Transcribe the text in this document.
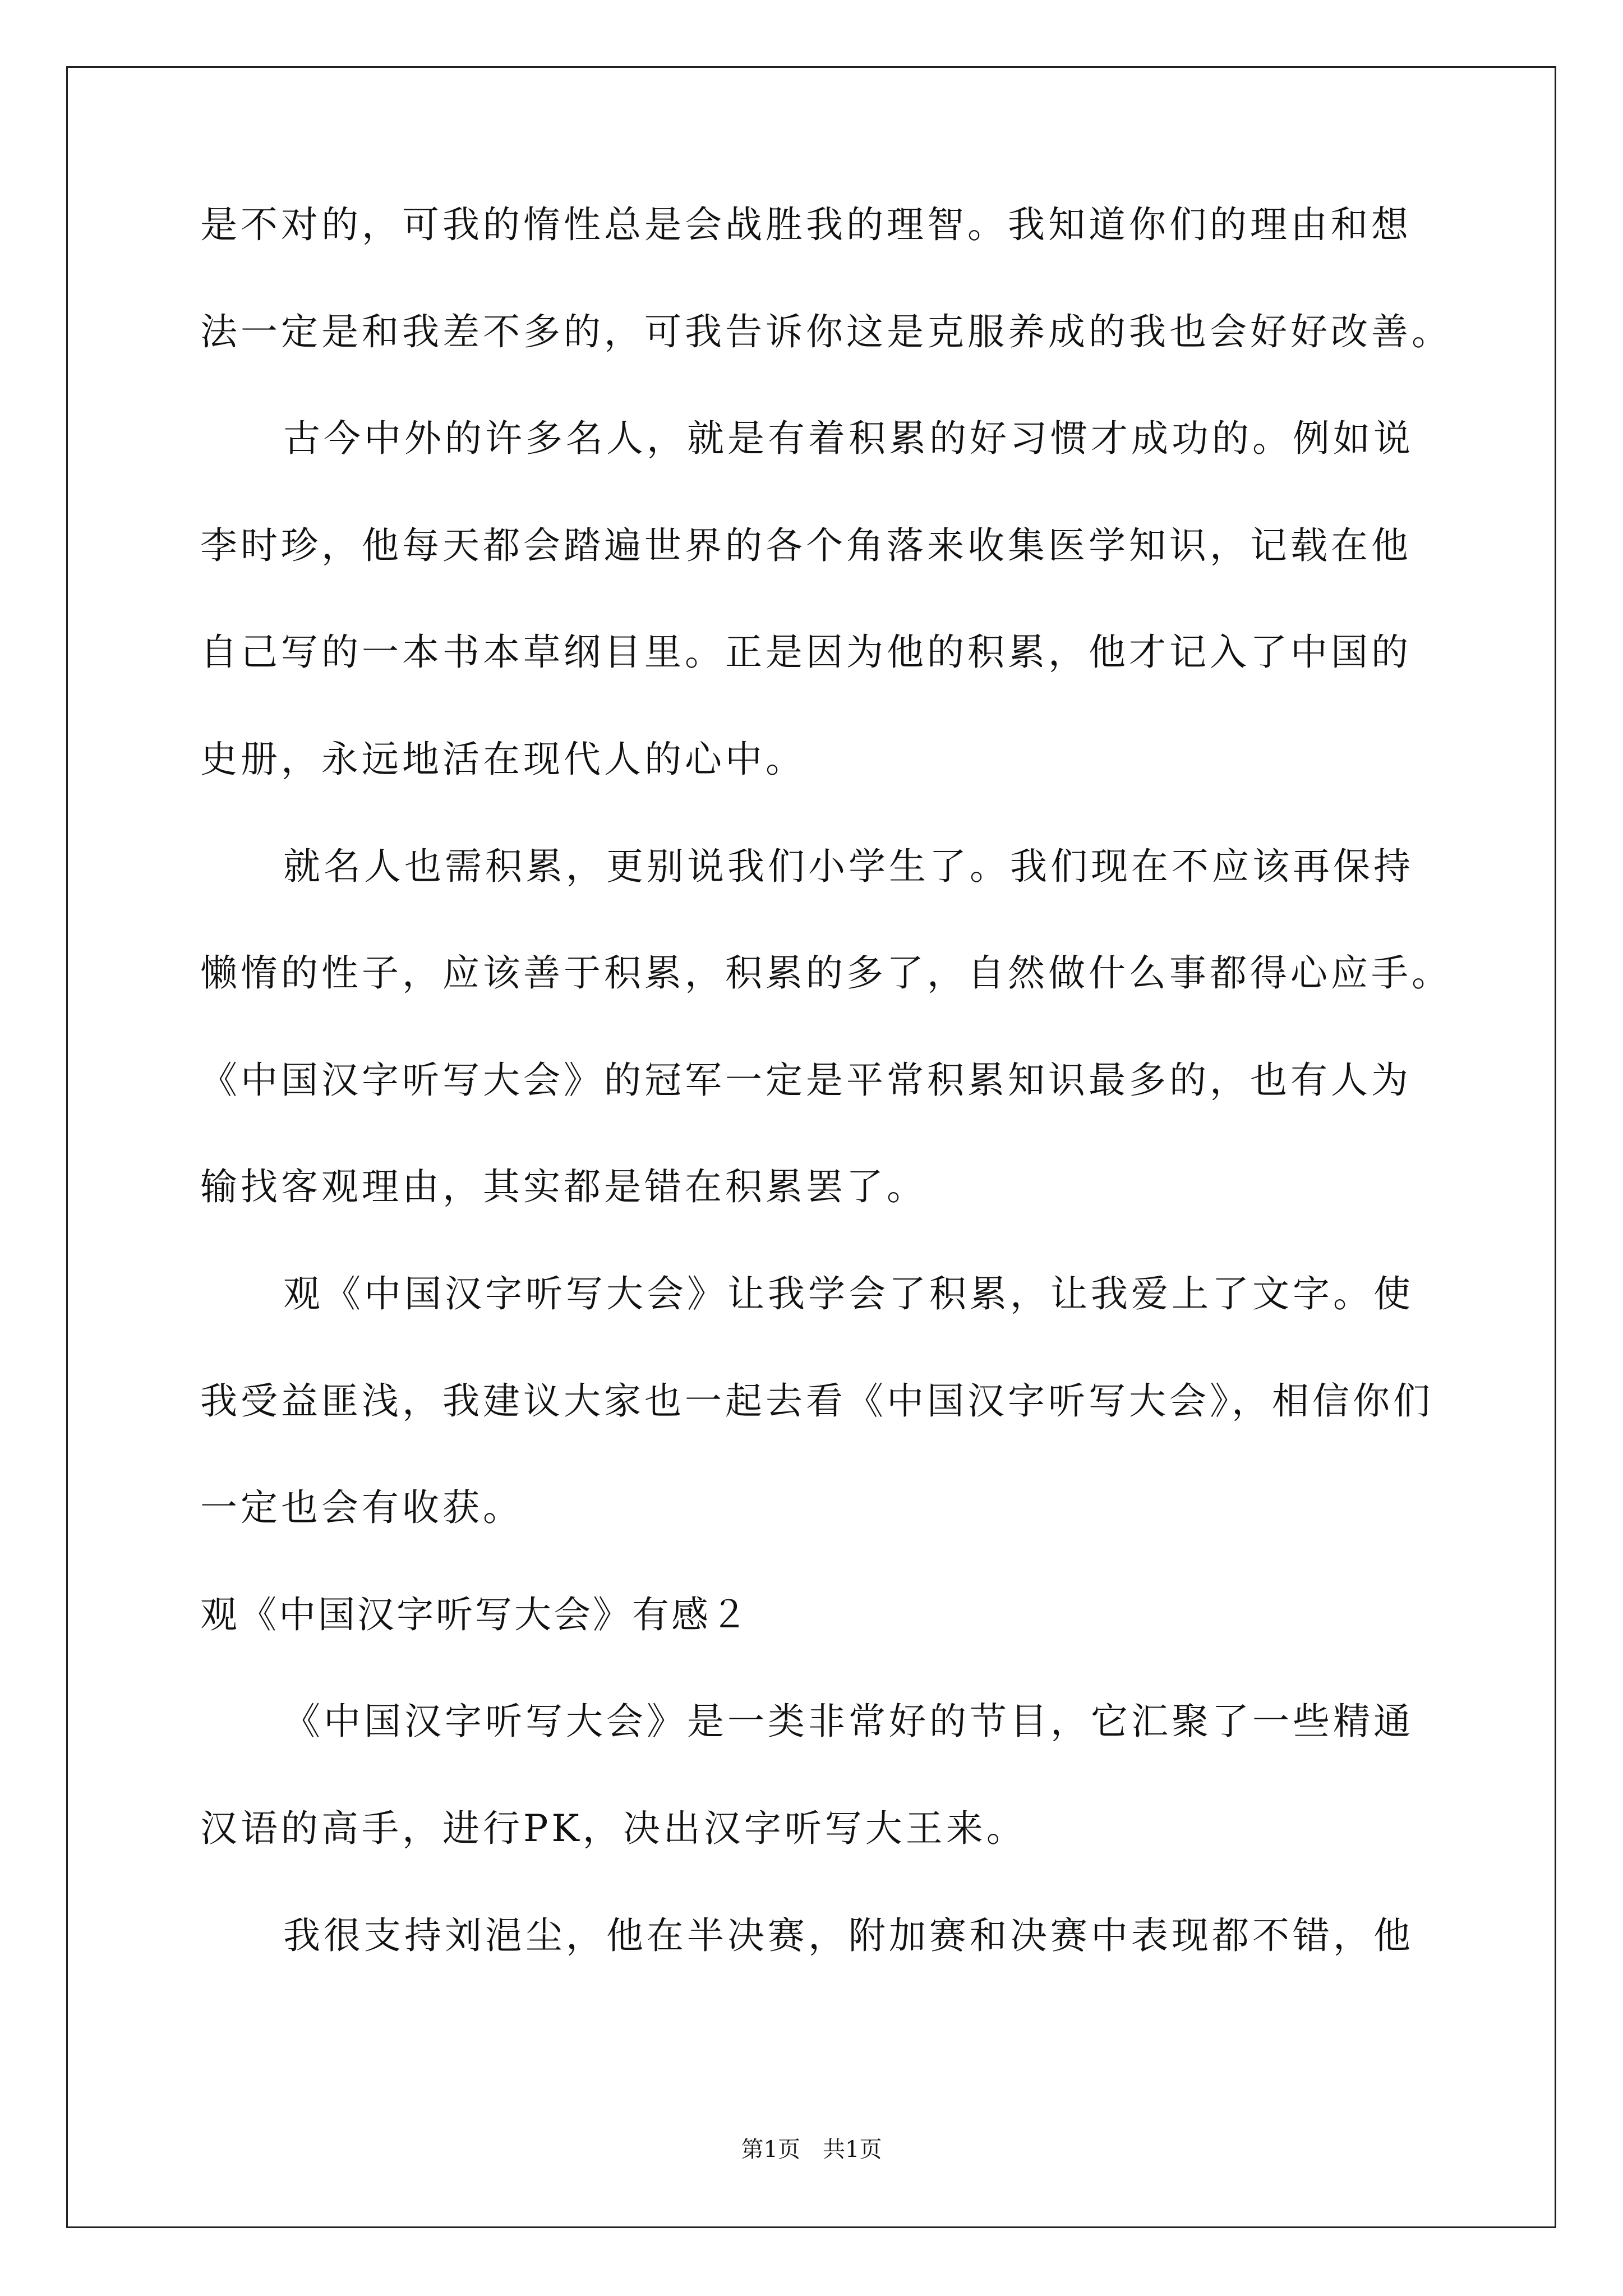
是不对的，可我的惰性总是会战胜我的理智。我知道你们的理由和想

法一定是和我差不多的，可我告诉你这是克服养成的我也会好好改善。

古今中外的许多名人，就是有着积累的好习惯才成功的。例如说

李时珍，他每天都会踏遍世界的各个角落来收集医学知识，记载在他

自己写的一本书本草纲目里。正是因为他的积累，他才记入了中国的

史册，永远地活在现代人的心中。

就名人也需积累，更别说我们小学生了。我们现在不应该再保持

懒惰的性子，应该善于积累，积累的多了，自然做什么事都得心应手。

《中国汉字听写大会》的冠军一定是平常积累知识最多的，也有人为

输找客观理由，其实都是错在积累罢了。

观《中国汉字听写大会》让我学会了积累，让我爱上了文字。使

我受益匪浅，我建议大家也一起去看《中国汉字听写大会》，相信你们

一定也会有收获。

观《中国汉字听写大会》有感２

《中国汉字听写大会》是一类非常好的节目，它汇聚了一些精通

汉语的高手，进行PK，决出汉字听写大王来。

我很支持刘浥尘，他在半决赛，附加赛和决赛中表现都不错，他

第1页　共1页
